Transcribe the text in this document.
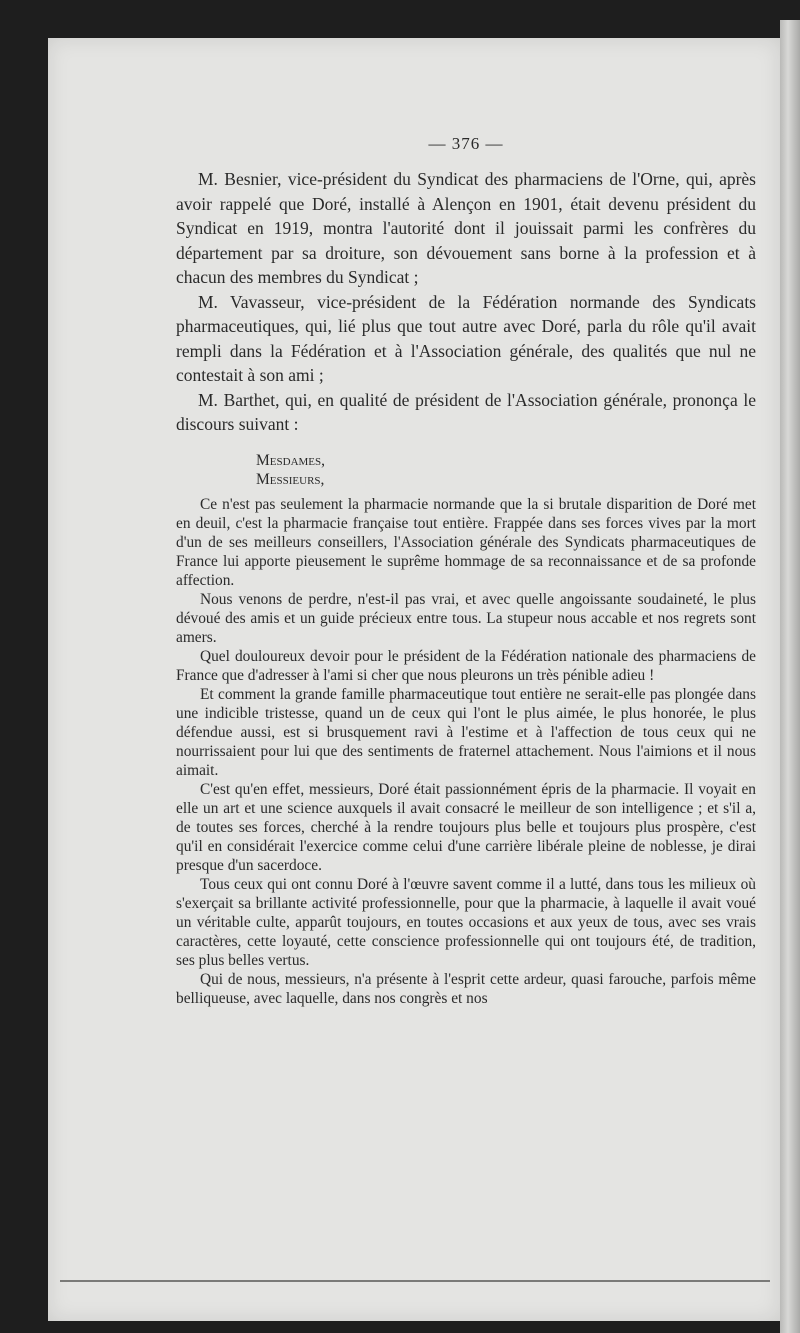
— 376 —

M. Besnier, vice-président du Syndicat des pharmaciens de l'Orne, qui, après avoir rappelé que Doré, installé à Alençon en 1901, était devenu président du Syndicat en 1919, montra l'autorité dont il jouissait parmi les confrères du département par sa droiture, son dévouement sans borne à la profession et à chacun des membres du Syndicat ;

M. Vavasseur, vice-président de la Fédération normande des Syndicats pharmaceutiques, qui, lié plus que tout autre avec Doré, parla du rôle qu'il avait rempli dans la Fédération et à l'Association générale, des qualités que nul ne contestait à son ami ;

M. Barthet, qui, en qualité de président de l'Association générale, prononça le discours suivant :

Mesdames,
Messieurs,

Ce n'est pas seulement la pharmacie normande que la si brutale disparition de Doré met en deuil, c'est la pharmacie française tout entière. Frappée dans ses forces vives par la mort d'un de ses meilleurs conseillers, l'Association générale des Syndicats pharmaceutiques de France lui apporte pieusement le suprême hommage de sa reconnaissance et de sa profonde affection.

Nous venons de perdre, n'est-il pas vrai, et avec quelle angoissante soudaineté, le plus dévoué des amis et un guide précieux entre tous. La stupeur nous accable et nos regrets sont amers.

Quel douloureux devoir pour le président de la Fédération nationale des pharmaciens de France que d'adresser à l'ami si cher que nous pleurons un très pénible adieu !

Et comment la grande famille pharmaceutique tout entière ne serait-elle pas plongée dans une indicible tristesse, quand un de ceux qui l'ont le plus aimée, le plus honorée, le plus défendue aussi, est si brusquement ravi à l'estime et à l'affection de tous ceux qui ne nourrissaient pour lui que des sentiments de fraternel attachement. Nous l'aimions et il nous aimait.

C'est qu'en effet, messieurs, Doré était passionnément épris de la pharmacie. Il voyait en elle un art et une science auxquels il avait consacré le meilleur de son intelligence ; et s'il a, de toutes ses forces, cherché à la rendre toujours plus belle et toujours plus prospère, c'est qu'il en considérait l'exercice comme celui d'une carrière libérale pleine de noblesse, je dirai presque d'un sacerdoce.

Tous ceux qui ont connu Doré à l'œuvre savent comme il a lutté, dans tous les milieux où s'exerçait sa brillante activité professionnelle, pour que la pharmacie, à laquelle il avait voué un véritable culte, apparût toujours, en toutes occasions et aux yeux de tous, avec ses vrais caractères, cette loyauté, cette conscience professionnelle qui ont toujours été, de tradition, ses plus belles vertus.

Qui de nous, messieurs, n'a présente à l'esprit cette ardeur, quasi farouche, parfois même belliqueuse, avec laquelle, dans nos congrès et nos
